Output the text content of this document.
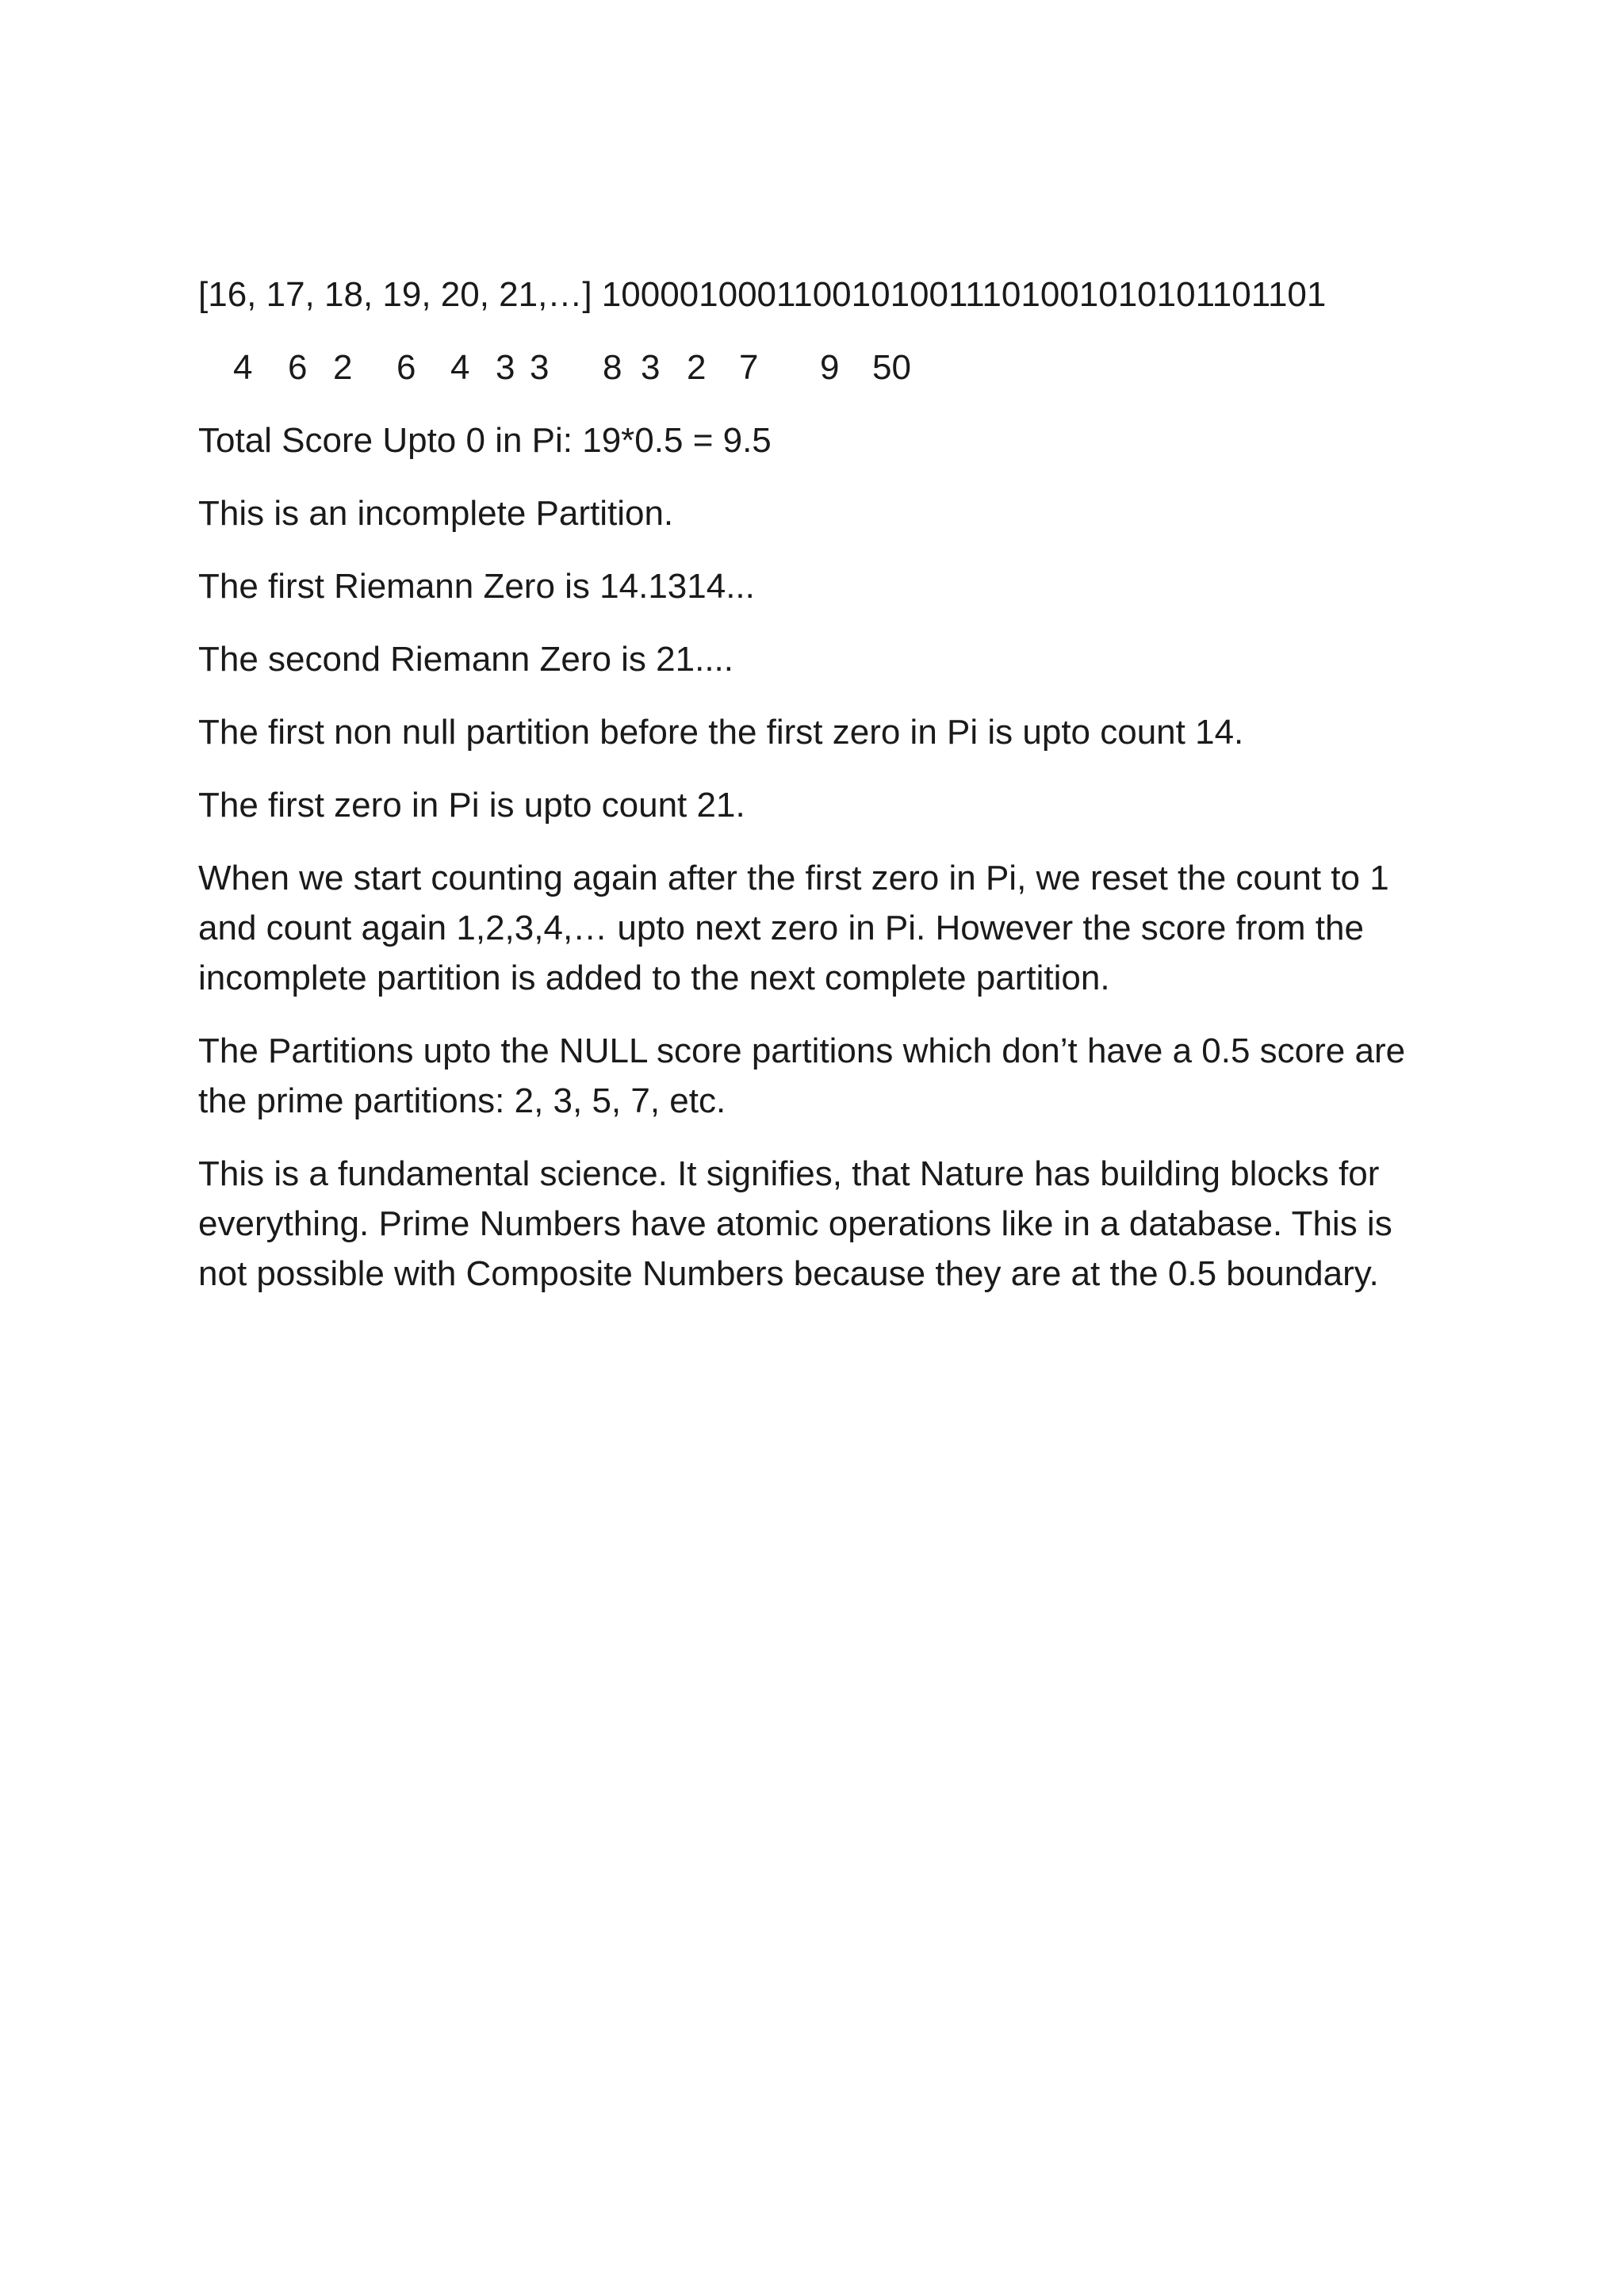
[16, 17, 18, 19, 20, 21,…] 10000100011001010011101001010101101101

4 6 2 6 4 3 3 8 3 2 7 9 50

Total Score Upto 0 in Pi: 19*0.5 = 9.5

This is an incomplete Partition.

The first Riemann Zero is 14.1314...

The second Riemann Zero is 21....

The first non null partition before the first zero in Pi is upto count 14.

The first zero in Pi is upto count 21.

When we start counting again after the first zero in Pi, we reset the count to 1 and count again 1,2,3,4,… upto next zero in Pi. However the score from the incomplete partition is added to the next complete partition.

The Partitions upto the NULL score partitions which don’t have a 0.5 score are the prime partitions: 2, 3, 5, 7, etc.

This is a fundamental science. It signifies, that Nature has building blocks for everything. Prime Numbers have atomic operations like in a database. This is not possible with Composite Numbers because they are at the 0.5 boundary.
